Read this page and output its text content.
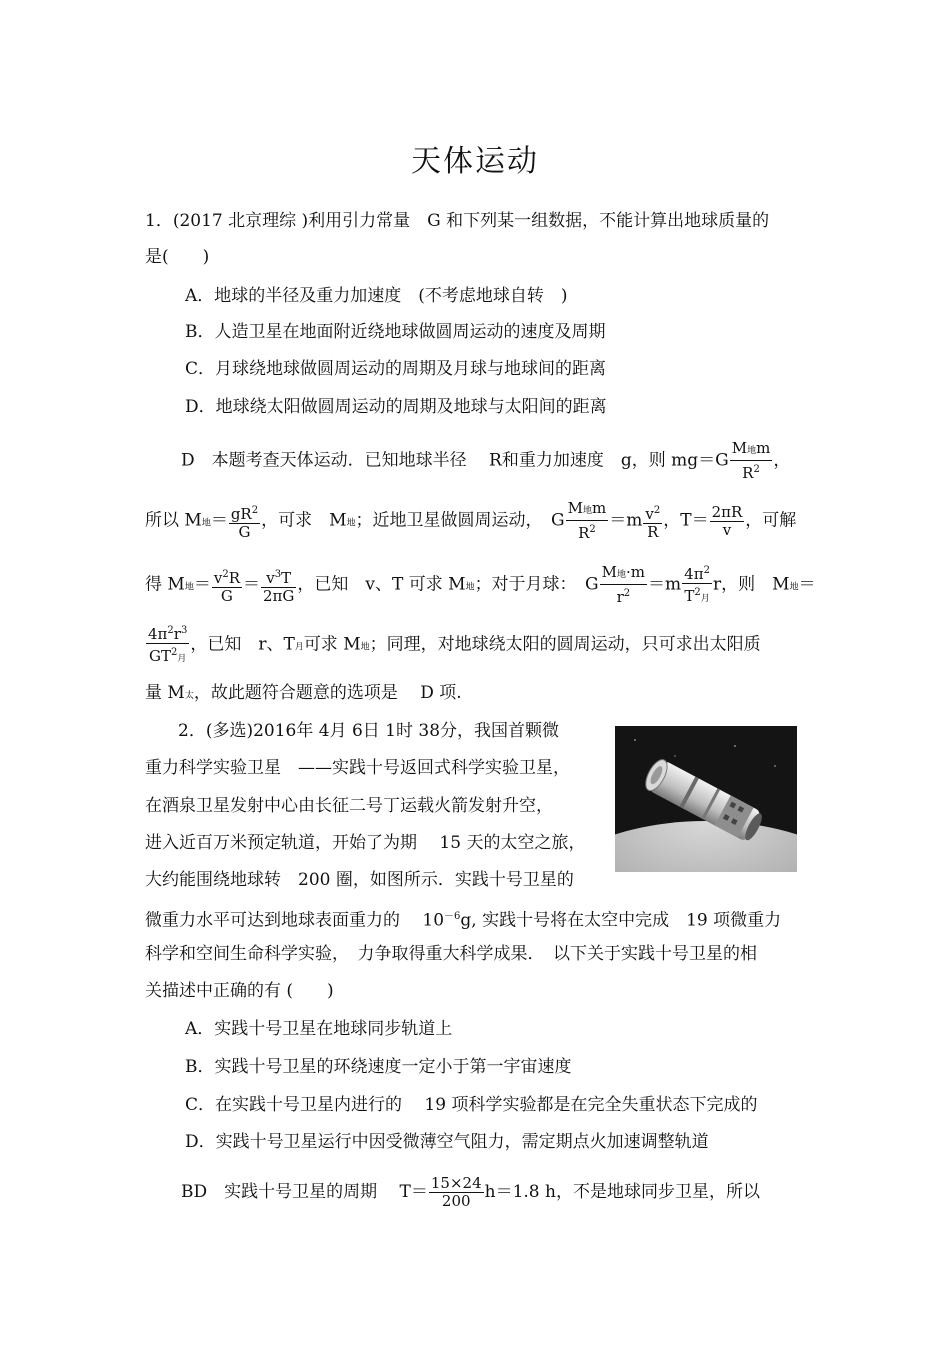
天体运动
1．(2017 北京理综 )利用引力常量　G 和下列某一组数据，不能计算出地球质量的
是(　　)
A．地球的半径及重力加速度　(不考虑地球自转　)
B．人造卫星在地面附近绕地球做圆周运动的速度及周期
C．月球绕地球做圆周运动的周期及月球与地球间的距离
D．地球绕太阳做圆周运动的周期及地球与太阳间的距离
D　本题考查天体运动．已知地球半径　 R和重力加速度　g，则 $mg=G \frac{\text{M地m}}{R^2}$ ，
所以 M地＝ $\frac{gR^2}{G}$ ，可求　M地；近地卫星做圆周运动，　G $\frac{\text{M地m}}{R^2} =m \frac{v^2}{R}$ ，$T= \frac{2\pi R}{v}$ ，可解
得 M地＝ $\frac{v^2R}{G} = \frac{v^3T}{2\pi G}$ ，已知　v、T 可求 M地；对于月球：　G $\frac{\text{M地·m}}{r^2} =m \frac{4\pi^2}{T^2月}$ r，则　M地＝
$\frac{4\pi^2r^3}{GT^2月}$ ，已知　r、T月可求 M地；同理，对地球绕太阳的圆周运动，只可求出太阳质
量 M太，故此题符合题意的选项是　 D 项.
2．(多选)2016年 4月 6日 1时 38分，我国首颗微
重力科学实验卫星　——实践十号返回式科学实验卫星，
在酒泉卫星发射中心由长征二号丁运载火箭发射升空，
进入近百万米预定轨道，开始了为期　 15 天的太空之旅，
大约能围绕地球转　200 圈，如图所示．实践十号卫星的
微重力水平可达到地球表面重力的　 $10^{-6}g$, 实践十号将在太空中完成　19 项微重力
科学和空间生命科学实验，　力争取得重大科学成果．　以下关于实践十号卫星的相
关描述中正确的有 (　　)
A．实践十号卫星在地球同步轨道上
B．实践十号卫星的环绕速度一定小于第一宇宙速度
C．在实践十号卫星内进行的　 19 项科学实验都是在完全失重状态下完成的
D．实践十号卫星运行中因受微薄空气阻力，需定期点火加速调整轨道
BD　实践十号卫星的周期　 $T= \frac{15\times 24}{200} h=1.8$ h，不是地球同步卫星，所以
